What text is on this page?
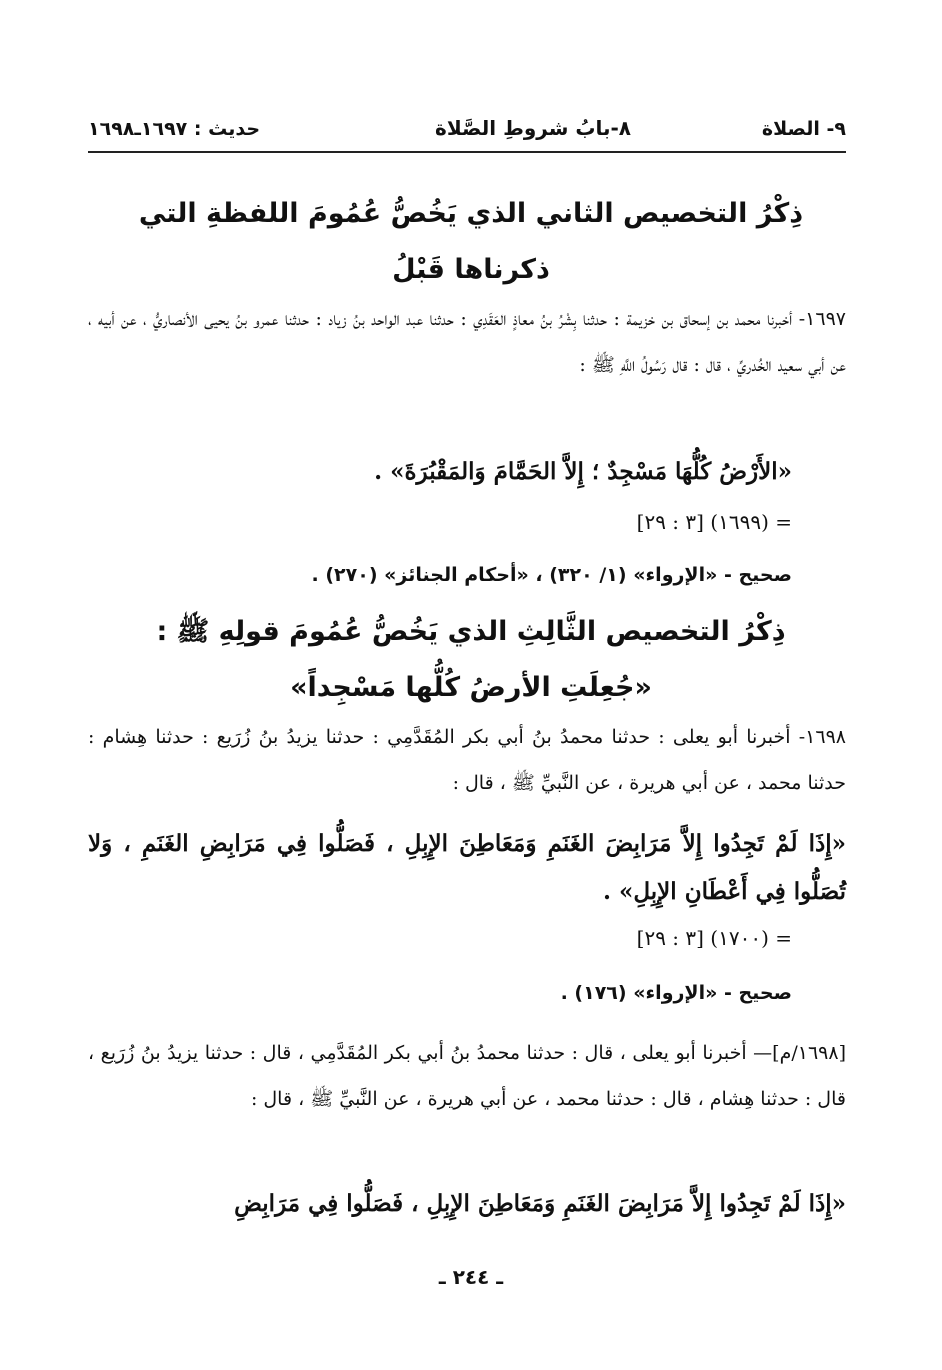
٩- الصلاة
٨-بابُ شروطِ الصَّلاة
حديث : ١٦٩٧ـ١٦٩٨
ذِكْرُ التخصيص الثاني الذي يَخُصُّ عُمُومَ اللفظةِ التي
ذكرناها قَبْلُ

١٦٩٧- أخبرنا محمد بن إسحاق بن خزيمة : حدثنا بِشْرُ بنُ معاذٍ العَقَدِي : حدثنا عبد الواحد بنُ زياد : حدثنا عمرو بنُ يحيى الأنصاريُّ ، عن أبيه ، عن أبي سعيد الخُدريِّ ، قال : قال رَسُولُ اللَّهِ ﷺ :

«الأَرْضُ كُلُّهَا مَسْجِدٌ ؛ إِلاَّ الحَمَّامَ وَالمَقْبُرَةَ» .
= (١٦٩٩) [٣ : ٢٩]
صحيح - «الإرواء» (١/ ٣٢٠) ، «أحكام الجنائز» (٢٧٠) .
ذِكْرُ التخصيص الثَّالِثِ الذي يَخُصُّ عُمُومَ قولِهِ ﷺ :
«جُعِلَتِ الأرضُ كُلُّها مَسْجِداً»

١٦٩٨- أخبرنا أبو يعلى : حدثنا محمدُ بنُ أبي بكر المُقَدَّمِي : حدثنا يزيدُ بنُ زُرَيع : حدثنا هِشام : حدثنا محمد ، عن أبي هريرة ، عن النَّبيِّ ﷺ ، قال :

«إِذَا لَمْ تَجِدُوا إِلاَّ مَرَابِضَ الغَنَمِ وَمَعَاطِنَ الإِبِلِ ، فَصَلُّوا فِي مَرَابِضِ الغَنَمِ ، وَلا تُصَلُّوا فِي أَعْطَانِ الإِبِلِ» .
= (١٧٠٠) [٣ : ٢٩]
صحيح - «الإرواء» (١٧٦) .

[١٦٩٨/م]— أخبرنا أبو يعلى ، قال : حدثنا محمدُ بنُ أبي بكر المُقَدَّمِي ، قال : حدثنا يزيدُ بنُ زُرَيع ، قال : حدثنا هِشام ، قال : حدثنا محمد ، عن أبي هريرة ، عن النَّبيِّ ﷺ ، قال :

«إِذَا لَمْ تَجِدُوا إِلاَّ مَرَابِضَ الغَنَمِ وَمَعَاطِنَ الإِبِلِ ، فَصَلُّوا فِي مَرَابِضِ
ـ ٢٤٤ ـ
